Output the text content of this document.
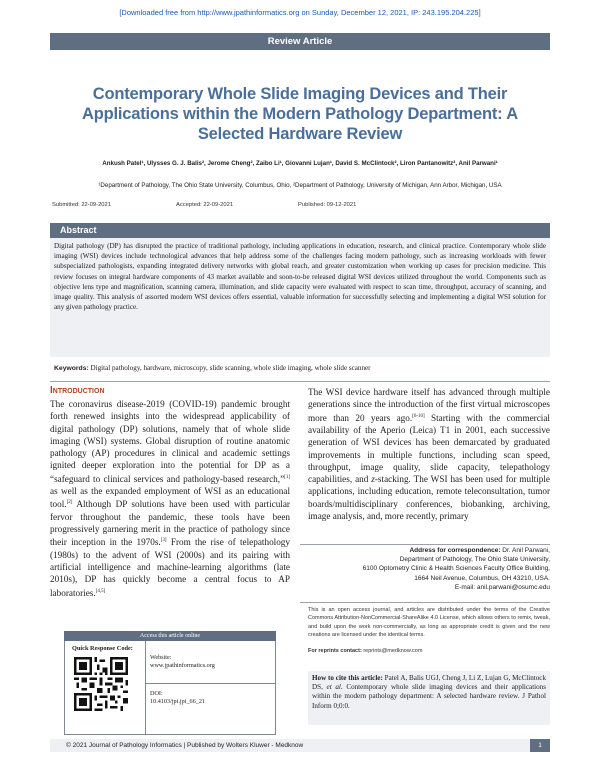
[Downloaded free from http://www.jpathinformatics.org on Sunday, December 12, 2021, IP: 243.195.204.225]
Review Article
Contemporary Whole Slide Imaging Devices and Their Applications within the Modern Pathology Department: A Selected Hardware Review
Ankush Patel¹, Ulysses G. J. Balis², Jerome Cheng², Zaibo Li¹, Giovanni Lujan¹, David S. McClintock², Liron Pantanowitz², Anil Parwani¹
¹Department of Pathology, The Ohio State University, Columbus, Ohio, ²Department of Pathology, University of Michigan, Ann Arbor, Michigan, USA
Submitted: 22-09-2021	Accepted: 22-09-2021	Published: 09-12-2021
Abstract

Digital pathology (DP) has disrupted the practice of traditional pathology, including applications in education, research, and clinical practice. Contemporary whole slide imaging (WSI) devices include technological advances that help address some of the challenges facing modern pathology, such as increasing workloads with fewer subspecialized pathologists, expanding integrated delivery networks with global reach, and greater customization when working up cases for precision medicine. This review focuses on integral hardware components of 43 market available and soon-to-be released digital WSI devices utilized throughout the world. Components such as objective lens type and magnification, scanning camera, illumination, and slide capacity were evaluated with respect to scan time, throughput, accuracy of scanning, and image quality. This analysis of assorted modern WSI devices offers essential, valuable information for successfully selecting and implementing a digital WSI solution for any given pathology practice.

Keywords: Digital pathology, hardware, microscopy, slide scanning, whole slide imaging, whole slide scanner

Introduction

The coronavirus disease-2019 (COVID-19) pandemic brought forth renewed insights into the widespread applicability of digital pathology (DP) solutions, namely that of whole slide imaging (WSI) systems. Global disruption of routine anatomic pathology (AP) procedures in clinical and academic settings ignited deeper exploration into the potential for DP as a “safeguard to clinical services and pathology-based research,”[1] as well as the expanded employment of WSI as an educational tool.[2] Although DP solutions have been used with particular fervor throughout the pandemic, these tools have been progressively garnering merit in the practice of pathology since their inception in the 1970s.[3] From the rise of telepathology (1980s) to the advent of WSI (2000s) and its pairing with artificial intelligence and machine-learning algorithms (late 2010s), DP has quickly become a central focus to AP laboratories.[4,5]

The WSI device hardware itself has advanced through multiple generations since the introduction of the first virtual microscopes more than 20 years ago.[6-10] Starting with the commercial availability of the Aperio (Leica) T1 in 2001, each successive generation of WSI devices has been demarcated by graduated improvements in multiple functions, including scan speed, throughput, image quality, slide capacity, telepathology capabilities, and z-stacking. The WSI has been used for multiple applications, including education, remote teleconsultation, tumor boards/multidisciplinary conferences, biobanking, archiving, image analysis, and, more recently, primary

Address for correspondence: Dr. Anil Parwani,
Department of Pathology, The Ohio State University,
6100 Optometry Clinic & Health Sciences Faculty Office Building,
1664 Neil Avenue, Columbus, OH 43210, USA.
E-mail: anil.parwani@osumc.edu

This is an open access journal, and articles are distributed under the terms of the Creative Commons Attribution-NonCommercial-ShareAlike 4.0 License, which allows others to remix, tweak, and build upon the work non-commercially, as long as appropriate credit is given and the new creations are licensed under the identical terms.

For reprints contact: reprints@medknow.com

How to cite this article: Patel A, Balis UGJ, Cheng J, Li Z, Lujan G, McClintock DS, et al. Contemporary whole slide imaging devices and their applications within the modern pathology department: A selected hardware review. J Pathol Inform 0;0:0.
Access this article online
Quick Response Code:
Website:
www.jpathinformatics.org
DOI:
10.4103/jpi.jpi_66_21
© 2021 Journal of Pathology Informatics | Published by Wolters Kluwer - Medknow	1
